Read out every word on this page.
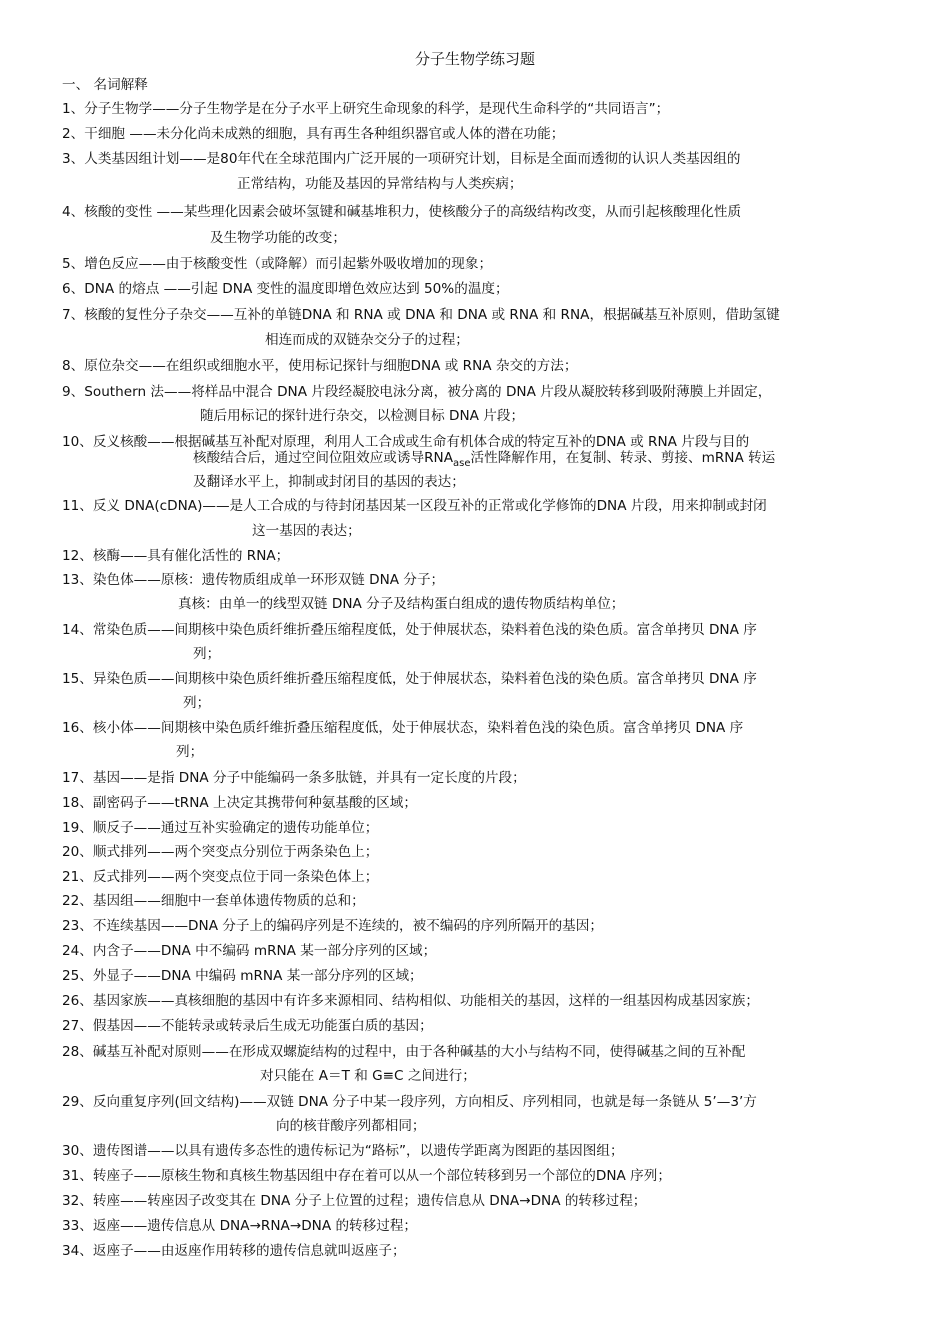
分子生物学练习题
一、 名词解释
1、分子生物学——分子生物学是在分子水平上研究生命现象的科学，是现代生命科学的“共同语言”；
2、干细胞 ——未分化尚未成熟的细胞，具有再生各种组织器官或人体的潜在功能；
3、人类基因组计划——是80年代在全球范围内广泛开展的一项研究计划，目标是全面而透彻的认识人类基因组的
正常结构，功能及基因的异常结构与人类疾病；
4、核酸的变性 ——某些理化因素会破坏氢键和碱基堆积力，使核酸分子的高级结构改变，从而引起核酸理化性质
及生物学功能的改变；
5、增色反应——由于核酸变性（或降解）而引起紫外吸收增加的现象；
6、DNA 的熔点 ——引起 DNA 变性的温度即增色效应达到 50%的温度；
7、核酸的复性分子杂交——互补的单链DNA 和 RNA 或 DNA 和 DNA 或 RNA 和 RNA，根据碱基互补原则，借助氢键
相连而成的双链杂交分子的过程；
8、原位杂交——在组织或细胞水平，使用标记探针与细胞DNA 或 RNA 杂交的方法；
9、Southern 法——将样品中混合 DNA 片段经凝胶电泳分离，被分离的 DNA 片段从凝胶转移到吸附薄膜上并固定，
随后用标记的探针进行杂交，以检测目标 DNA 片段；
10、反义核酸——根据碱基互补配对原理，利用人工合成或生命有机体合成的特定互补的DNA 或 RNA 片段与目的
核酸结合后，通过空间位阻效应或诱导$RNA_{ase}$活性降解作用，在复制、转录、剪接、mRNA 转运
及翻译水平上，抑制或封闭目的基因的表达；
11、反义 DNA(cDNA)——是人工合成的与待封闭基因某一区段互补的正常或化学修饰的DNA 片段，用来抑制或封闭
这一基因的表达；
12、核酶——具有催化活性的 RNA；
13、染色体——原核：遗传物质组成单一环形双链 DNA 分子；
真核：由单一的线型双链 DNA 分子及结构蛋白组成的遗传物质结构单位；
14、常染色质——间期核中染色质纤维折叠压缩程度低，处于伸展状态，染料着色浅的染色质。富含单拷贝 DNA 序
列；
15、异染色质——间期核中染色质纤维折叠压缩程度低，处于伸展状态，染料着色浅的染色质。富含单拷贝 DNA 序
列；
16、核小体——间期核中染色质纤维折叠压缩程度低，处于伸展状态，染料着色浅的染色质。富含单拷贝 DNA 序
列；
17、基因——是指 DNA 分子中能编码一条多肽链，并具有一定长度的片段；
18、副密码子——tRNA 上决定其携带何种氨基酸的区域；
19、顺反子——通过互补实验确定的遗传功能单位；
20、顺式排列——两个突变点分别位于两条染色上；
21、反式排列——两个突变点位于同一条染色体上；
22、基因组——细胞中一套单体遗传物质的总和；
23、不连续基因——DNA 分子上的编码序列是不连续的，被不编码的序列所隔开的基因；
24、内含子——DNA 中不编码 mRNA 某一部分序列的区域；
25、外显子——DNA 中编码 mRNA 某一部分序列的区域；
26、基因家族——真核细胞的基因中有许多来源相同、结构相似、功能相关的基因，这样的一组基因构成基因家族；
27、假基因——不能转录或转录后生成无功能蛋白质的基因；
28、碱基互补配对原则——在形成双螺旋结构的过程中，由于各种碱基的大小与结构不同，使得碱基之间的互补配
对只能在 A＝T 和 G≡C 之间进行；
29、反向重复序列(回文结构)——双链 DNA 分子中某一段序列，方向相反、序列相同，也就是每一条链从 5’—3’方
向的核苷酸序列都相同；
30、遗传图谱——以具有遗传多态性的遗传标记为“路标”，以遗传学距离为图距的基因图组；
31、转座子——原核生物和真核生物基因组中存在着可以从一个部位转移到另一个部位的DNA 序列；
32、转座——转座因子改变其在 DNA 分子上位置的过程；遗传信息从 DNA→DNA 的转移过程；
33、返座——遗传信息从 DNA→RNA→DNA 的转移过程；
34、返座子——由返座作用转移的遗传信息就叫返座子；
